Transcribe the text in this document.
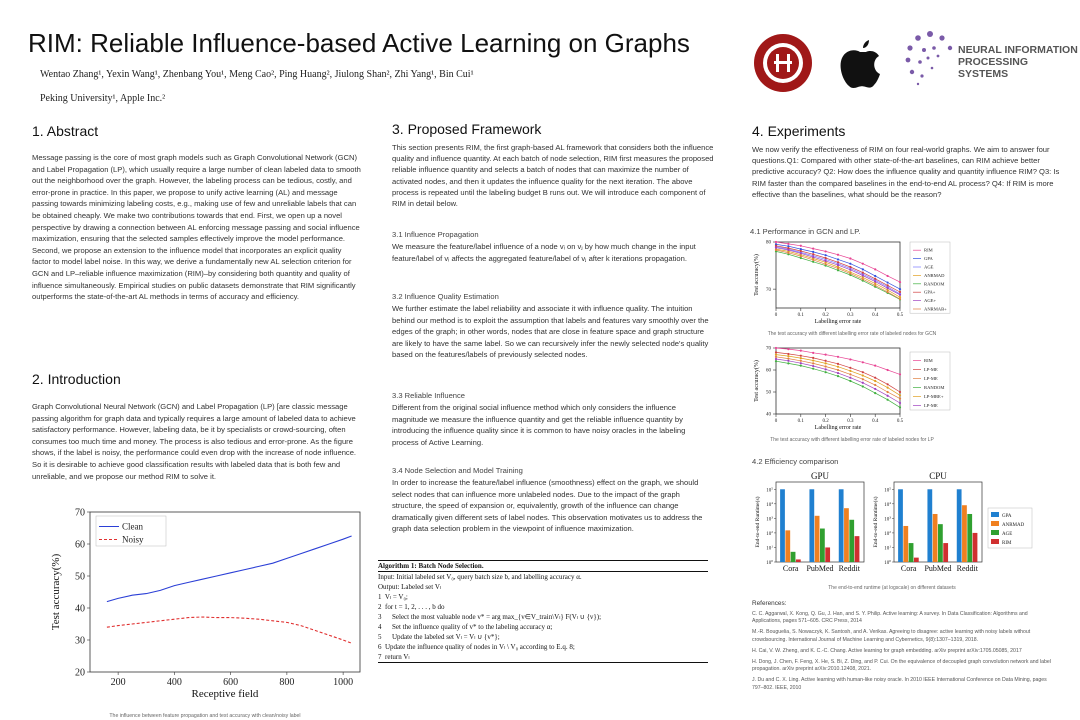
RIM: Reliable Influence-based Active Learning on Graphs
Wentao Zhang¹, Yexin Wang¹, Zhenbang You¹, Meng Cao², Ping Huang², Jiulong Shan², Zhi Yang¹, Bin Cui¹
Peking University¹, Apple Inc.²
NEURAL INFORMATION
PROCESSING SYSTEMS
1. Abstract
Message passing is the core of most graph models such as Graph Convolutional Network (GCN) and Label Propagation (LP), which usually require a large number of clean labeled data to smooth out the neighborhood over the graph. However, the labeling process can be tedious, costly, and error-prone in practice. In this paper, we propose to unify active learning (AL) and message passing towards minimizing labeling costs, e.g., making use of few and unreliable labels that can be obtained cheaply. We make two contributions towards that end. First, we open up a novel perspective by drawing a connection between AL enforcing message passing and social influence maximization, ensuring that the selected samples effectively improve the model performance. Second, we propose an extension to the influence model that incorporates an explicit quality factor to model label noise. In this way, we derive a fundamentally new AL selection criterion for GCN and LP–reliable influence maximization (RIM)–by considering both quantity and quality of influence simultaneously. Empirical studies on public datasets demonstrate that RIM significantly outperforms the state-of-the-art AL methods in terms of accuracy and efficiency.
2. Introduction
Graph Convolutional Neural Network (GCN) and Label Propagation (LP) [are classic message passing algorithm for graph data and typically requires a large amount of labeled data to achieve satisfactory performance. However, labeling data, be it by specialists or crowd-sourcing, often consumes too much time and money. The process is also tedious and error-prone. As the figure shows, if the label is noisy, the performance could even drop with the increase of node influence. So it is desirable to achieve good classification results with labeled data that is both few and unreliable, and we propose our method RIM to solve it.
200	400	600	800	1000
20
30
40
50
60
70
Receptive field
Test accuracy(%)
Clean
Noisy
The influence between feature propagation and test accuracy with clean/noisy label
3. Proposed Framework
This section presents RIM, the first graph-based AL framework that considers both the influence quality and influence quantity. At each batch of node selection, RIM first measures the proposed reliable influence quantity and selects a batch of nodes that can maximize the number of activated nodes, and then it updates the influence quality for the next iteration. The above process is repeated until the labeling budget B runs out. We will introduce each component of RIM in detail below.
3.1 Influence Propagation
We measure the feature/label influence of a node vᵢ on vⱼ by how much change in the input feature/label of vᵢ affects the aggregated feature/label of vⱼ after k iterations propagation.
3.2 Influence Quality Estimation
We further estimate the label reliability and associate it with influence quality. The intuition behind our method is to exploit the assumption that labels and features vary smoothly over the edges of the graph; in other words, nodes that are close in feature space and graph structure are likely to have the same label. So we can recursively infer the newly selected node's quality based on the features/labels of previously selected nodes.
3.3 Reliable Influence
Different from the original social influence method which only considers the influence magnitude we measure the influence quantity and get the reliable influence quantity by introducing the influence quality since it is common to have noisy oracles in the labeling process of Active Learning.
3.4 Node Selection and Model Training
In order to increase the feature/label influence (smoothness) effect on the graph, we should select nodes that can influence more unlabeled nodes. Due to the impact of the graph structure, the speed of expansion or, equivalently, growth of the influence can change dramatically given different sets of label nodes. This observation motivates us to address the graph data selection problem in the viewpoint of influence maximization.
Algorithm 1: Batch Node Selection.
Input: Initial labeled set V₀, query batch size b, and labelling accuracy α.
Output: Labeled set Vₗ
1  Vₗ = V₀;
2  for t = 1, 2, . . . , b do
3      Select the most valuable node v* = arg max_{v∈V_train\Vₗ} F(Vₗ ∪ {v});
4      Set the influence quality of v* to the labeling accuracy α;
5      Update the labeled set Vₗ = Vₗ ∪ {v*};
6  Update the influence quality of nodes in Vₗ \ V₀ according to E.q. 8;
7  return Vₗ
4. Experiments
We now verify the effectiveness of RIM on four real-world graphs. We aim to answer four questions.Q1: Compared with other state-of-the-art baselines, can RIM achieve better predictive accuracy? Q2: How does the influence quality and quantity influence RIM? Q3: Is RIM faster than the compared baselines in the end-to-end AL process? Q4: If RIM is more effective than the baselines, what should be the reason?
4.1 Performance in GCN and LP.
0	0.1	0.2	0.3	0.4	0.5
70
80
Labelling error rate
Test accuracy(%)
RIM
GPA
AGE
ANRMAD
RANDOM
GPA+
AGE+
ANRMAB+
The test accuracy with different labelling error rate of labeled nodes for GCN
0	0.1	0.2	0.3	0.4	0.5
40
50
60
70
Labelling error rate
Test accuracy(%)	RIM
LP-ME
LP-ME
RANDOM
LP-MRE+
LP-ME
The test accuracy with different labelling error rate of labeled nodes for LP
4.2 Efficiency comparison
GPU
$10^0$
$10^1$
$10^2$
$10^3$
$10^4$
$10^5$
End-to-end Runtime(s)
Cora PubMed Reddit
CPU
$10^0$
$10^1$
$10^2$
$10^3$
$10^4$
$10^5$
End-to-end Runtime(s)
Cora PubMed Reddit
GPA
ANRMAD
AGE
RIM
The end-to-end runtime (at logscale) on different datasets
References:

C. C. Aggarwal, X. Kong, Q. Gu, J. Han, and S. Y. Philip. Active learning: A survey. In Data Classification: Algorithms and Applications, pages 571–605. CRC Press, 2014

M.-R. Bouguelia, S. Nowaczyk, K. Santosh, and A. Verikas. Agreeing to disagree: active learning with noisy labels without crowdsourcing. International Journal of Machine Learning and Cybernetics, 9(8):1307–1319, 2018.

H. Cai, V. W. Zheng, and K. C.-C. Chang. Active learning for graph embedding. arXiv preprint arXiv:1705.05085, 2017

H. Dong, J. Chen, F. Feng, X. He, S. Bi, Z. Ding, and P. Cui. On the equivalence of decoupled graph convolution network and label propagation. arXiv preprint arXiv:2010.12408, 2021.

J. Du and C. X. Ling. Active learning with human-like noisy oracle. In 2010 IEEE International Conference on Data Mining, pages 797–802. IEEE, 2010
